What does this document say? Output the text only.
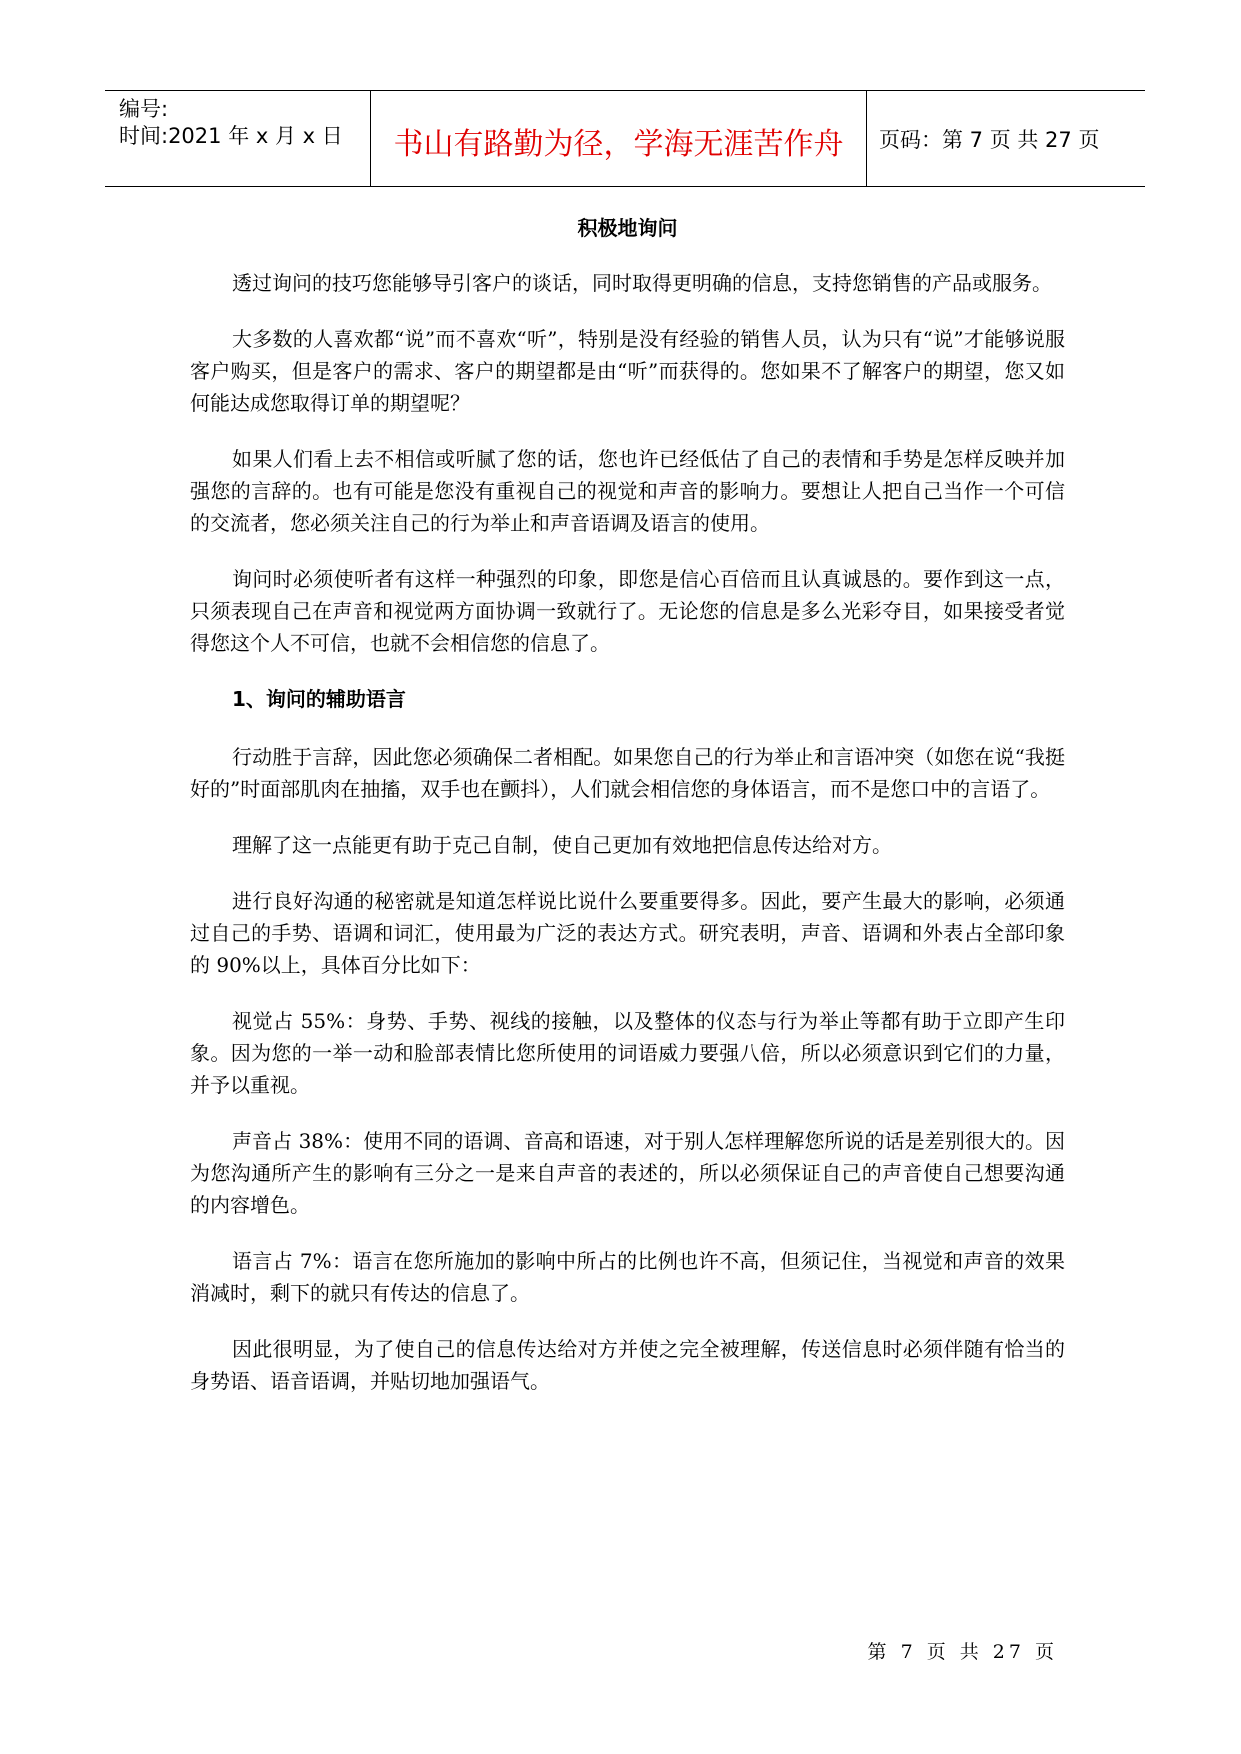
编号:
时间:2021 年 x 月 x 日	书山有路勤为径，学海无涯苦作舟	页码：第 7 页 共 27 页
积极地询问

透过询问的技巧您能够导引客户的谈话，同时取得更明确的信息，支持您销售的产品或服务。

大多数的人喜欢都“说”而不喜欢“听”，特别是没有经验的销售人员，认为只有“说”才能够说服客户购买，但是客户的需求、客户的期望都是由“听”而获得的。您如果不了解客户的期望，您又如何能达成您取得订单的期望呢？

如果人们看上去不相信或听腻了您的话，您也许已经低估了自己的表情和手势是怎样反映并加强您的言辞的。也有可能是您没有重视自己的视觉和声音的影响力。要想让人把自己当作一个可信的交流者，您必须关注自己的行为举止和声音语调及语言的使用。

询问时必须使听者有这样一种强烈的印象，即您是信心百倍而且认真诚恳的。要作到这一点，只须表现自己在声音和视觉两方面协调一致就行了。无论您的信息是多么光彩夺目，如果接受者觉得您这个人不可信，也就不会相信您的信息了。

1、询问的辅助语言

行动胜于言辞，因此您必须确保二者相配。如果您自己的行为举止和言语冲突（如您在说“我挺好的”时面部肌肉在抽搐，双手也在颤抖），人们就会相信您的身体语言，而不是您口中的言语了。

理解了这一点能更有助于克己自制，使自己更加有效地把信息传达给对方。

进行良好沟通的秘密就是知道怎样说比说什么要重要得多。因此，要产生最大的影响，必须通过自己的手势、语调和词汇，使用最为广泛的表达方式。研究表明，声音、语调和外表占全部印象的 90%以上，具体百分比如下：

视觉占 55%：身势、手势、视线的接触，以及整体的仪态与行为举止等都有助于立即产生印象。因为您的一举一动和脸部表情比您所使用的词语威力要强八倍，所以必须意识到它们的力量，并予以重视。

声音占 38%：使用不同的语调、音高和语速，对于别人怎样理解您所说的话是差别很大的。因为您沟通所产生的影响有三分之一是来自声音的表述的，所以必须保证自己的声音使自己想要沟通的内容增色。

语言占 7%：语言在您所施加的影响中所占的比例也许不高，但须记住，当视觉和声音的效果消减时，剩下的就只有传达的信息了。

因此很明显，为了使自己的信息传达给对方并使之完全被理解，传送信息时必须伴随有恰当的身势语、语音语调，并贴切地加强语气。

第 7 页 共 27 页
